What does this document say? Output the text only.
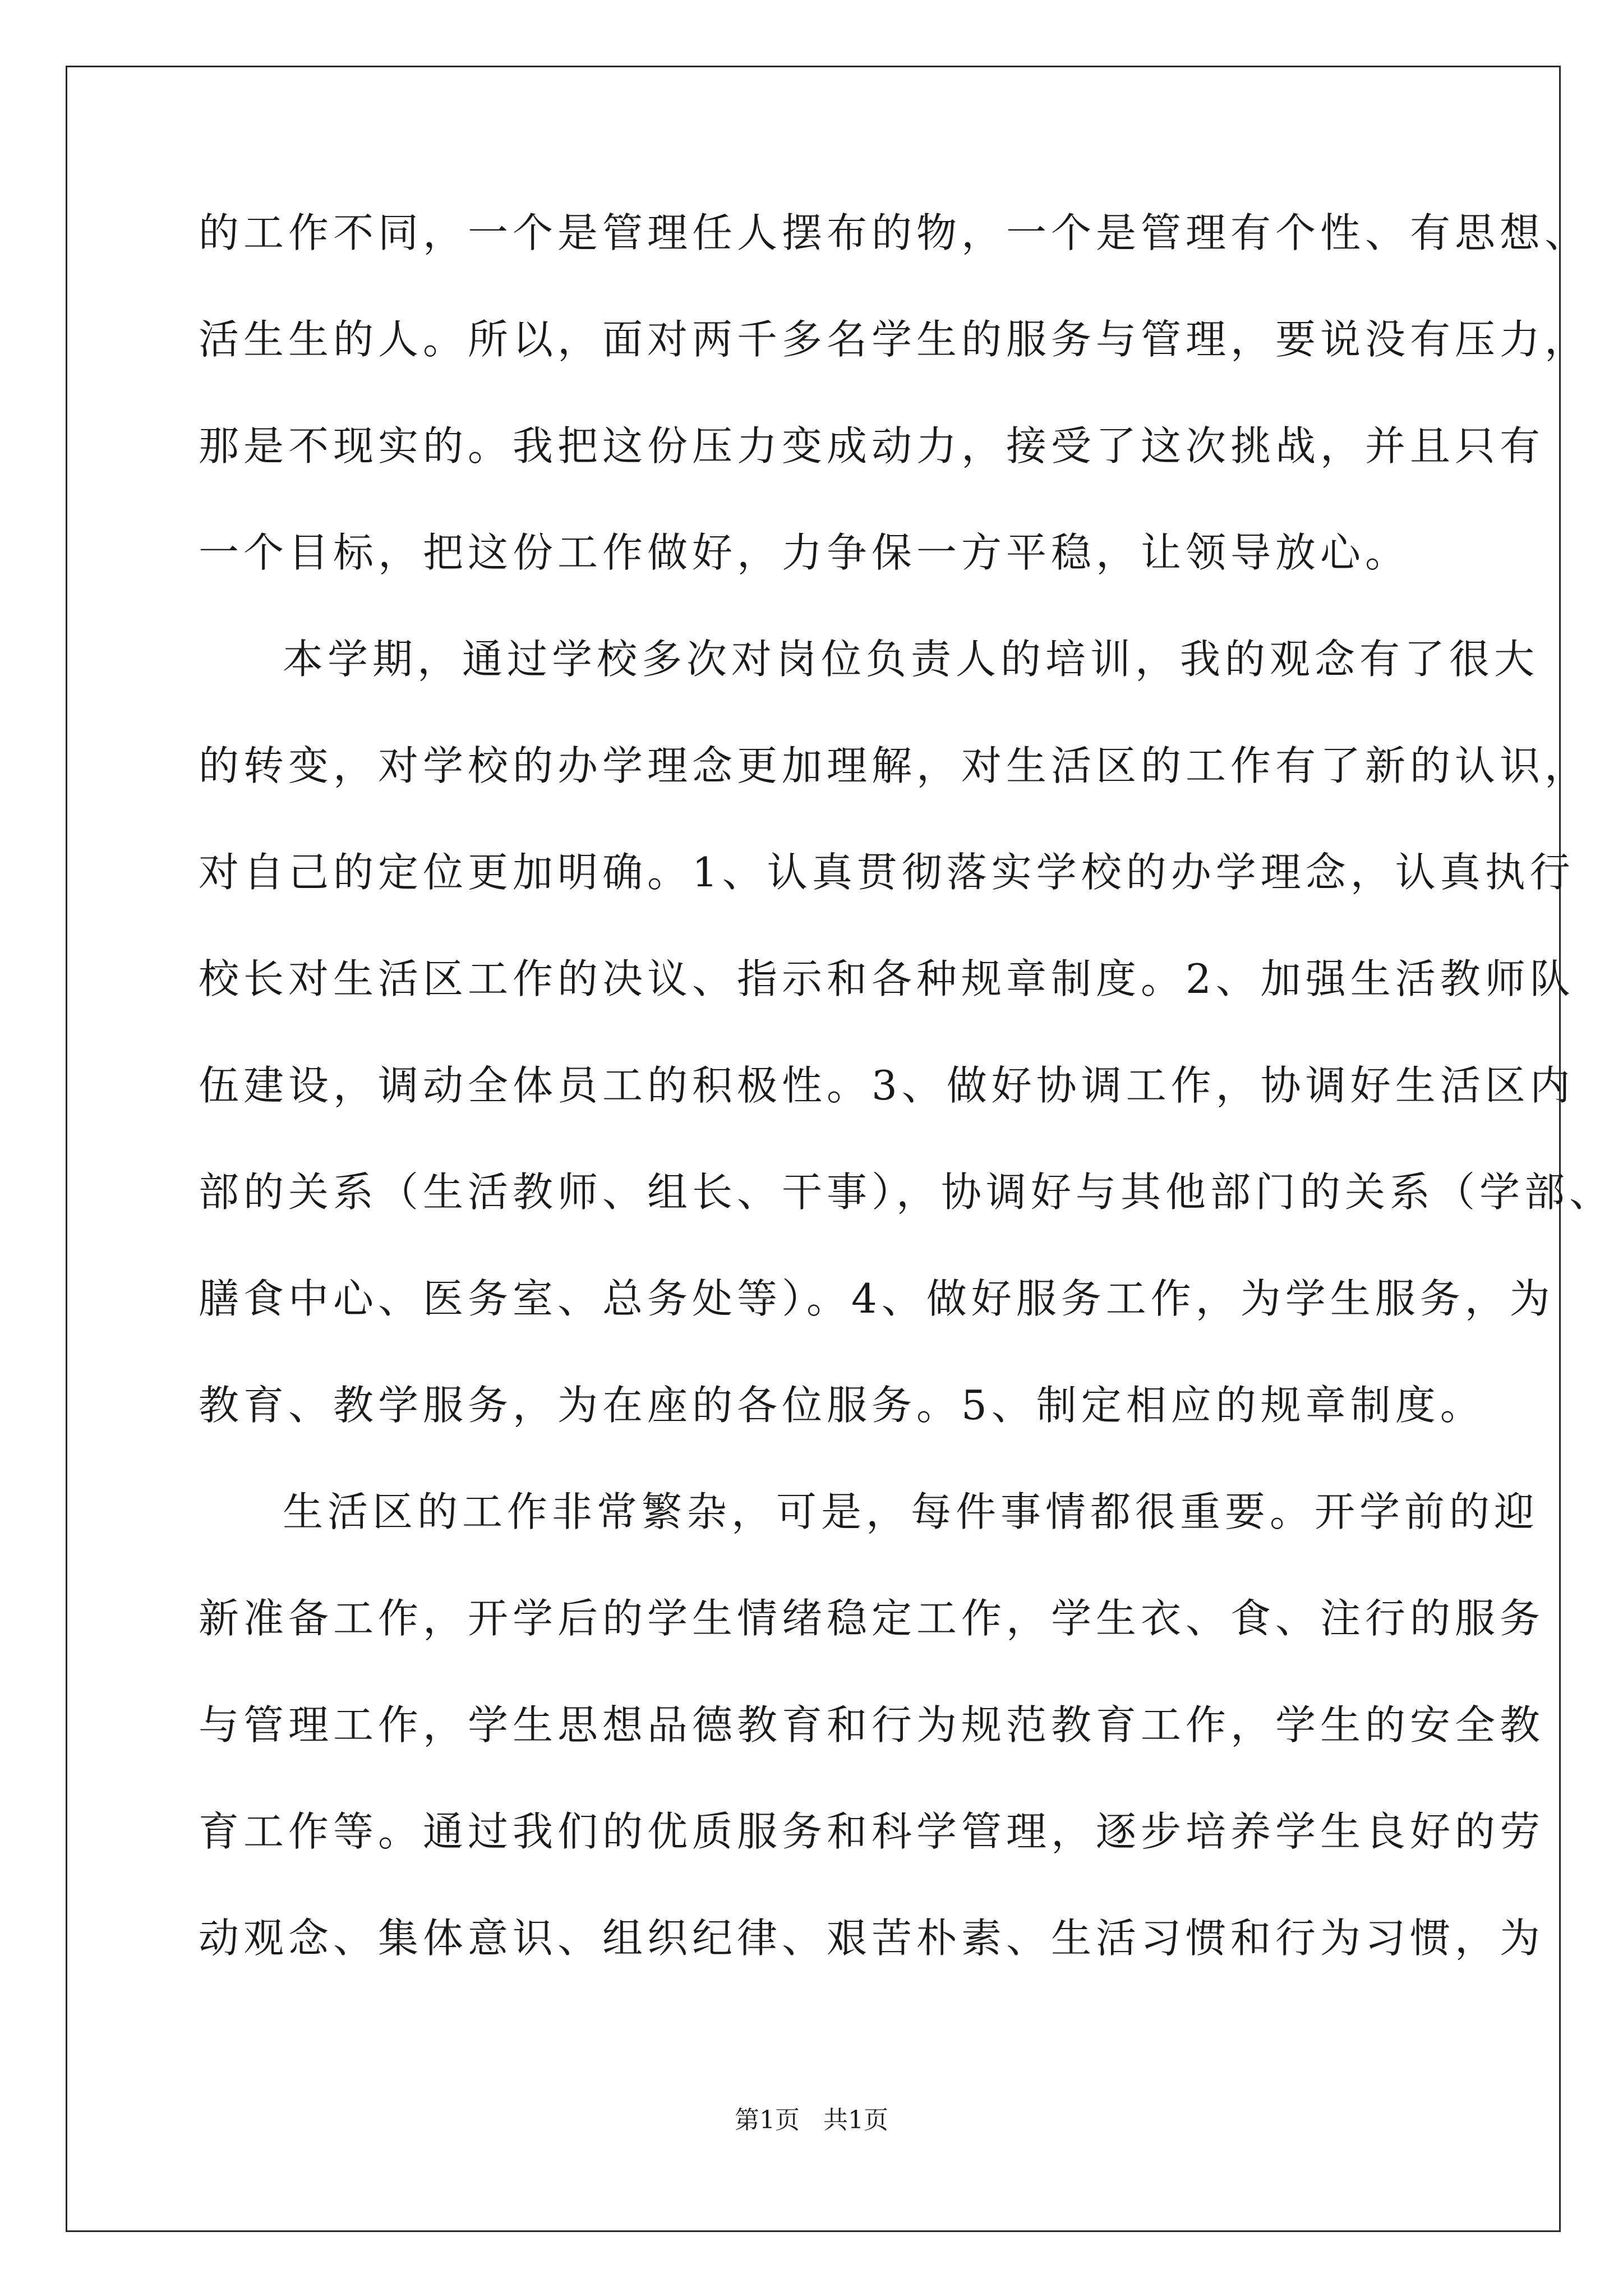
的工作不同，一个是管理任人摆布的物，一个是管理有个性、有思想、
活生生的人。所以，面对两千多名学生的服务与管理，要说没有压力，
那是不现实的。我把这份压力变成动力，接受了这次挑战，并且只有
一个目标，把这份工作做好，力争保一方平稳，让领导放心。
本学期，通过学校多次对岗位负责人的培训，我的观念有了很大
的转变，对学校的办学理念更加理解，对生活区的工作有了新的认识，
对自己的定位更加明确。1、认真贯彻落实学校的办学理念，认真执行
校长对生活区工作的决议、指示和各种规章制度。2、加强生活教师队
伍建设，调动全体员工的积极性。3、做好协调工作，协调好生活区内
部的关系（生活教师、组长、干事），协调好与其他部门的关系（学部、
膳食中心、医务室、总务处等）。4、做好服务工作，为学生服务，为
教育、教学服务，为在座的各位服务。5、制定相应的规章制度。
生活区的工作非常繁杂，可是，每件事情都很重要。开学前的迎
新准备工作，开学后的学生情绪稳定工作，学生衣、食、注行的服务
与管理工作，学生思想品德教育和行为规范教育工作，学生的安全教
育工作等。通过我们的优质服务和科学管理，逐步培养学生良好的劳
动观念、集体意识、组织纪律、艰苦朴素、生活习惯和行为习惯，为
第1页 共1页
